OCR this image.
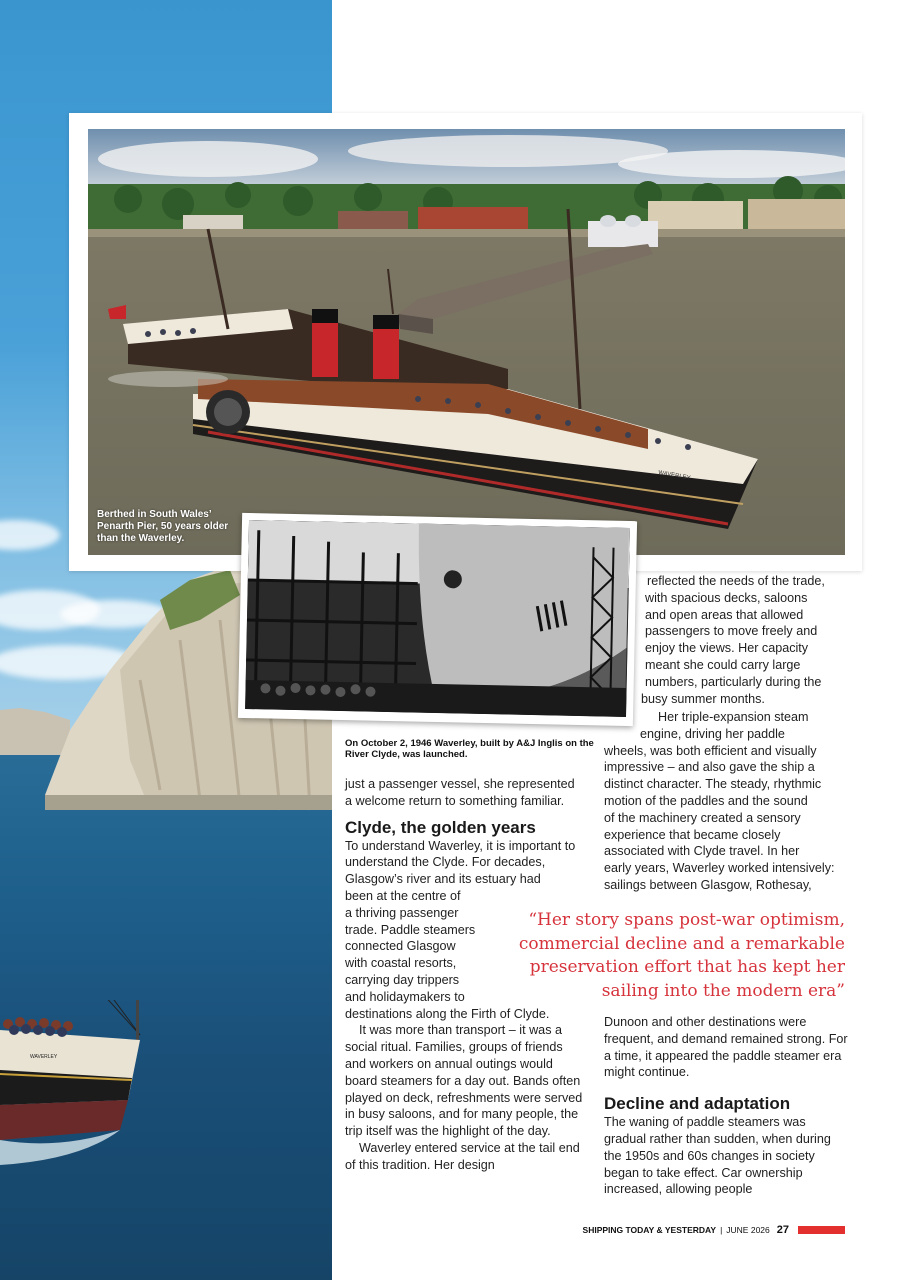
WAVERLEY
WAVERLEY
Berthed in South Wales’ Penarth Pier, 50 years older than the Waverley.
On October 2, 1946 Waverley, built by A&J Inglis on the River Clyde, was launched.

reflected the needs of the trade,

with spacious decks, saloons

and open areas that allowed

passengers to move freely and

enjoy the views. Her capacity

meant she could carry large

numbers, particularly during the

busy summer months.

Her triple-expansion steam

engine, driving her paddle

wheels, was both efficient and visually

impressive – and also gave the ship a

distinct character. The steady, rhythmic

motion of the paddles and the sound

of the machinery created a sensory

experience that became closely

associated with Clyde travel. In her

early years, Waverley worked intensively:

sailings between Glasgow, Rothesay,

just a passenger vessel, she represented a welcome return to something familiar.

Clyde, the golden years

To understand Waverley, it is important to understand the Clyde. For decades, Glasgow’s river and its estuary had

been at the centre of

a thriving passenger

trade. Paddle steamers

connected Glasgow

with coastal resorts,

carrying day trippers

and holidaymakers to

destinations along the Firth of Clyde.

It was more than transport – it was a social ritual. Families, groups of friends and workers on annual outings would board steamers for a day out. Bands often played on deck, refreshments were served in busy saloons, and for many people, the trip itself was the highlight of the day.

Waverley entered service at the tail end of this tradition. Her design

“Her story spans post-war optimism, commercial decline and a remarkable preservation effort that has kept her sailing into the modern era”

Dunoon and other destinations were frequent, and demand remained strong. For a time, it appeared the paddle steamer era might continue.

Decline and adaptation

The waning of paddle steamers was gradual rather than sudden, when during the 1950s and 60s changes in society began to take effect. Car ownership increased, allowing people

SHIPPING TODAY & YESTERDAY | JUNE 2026 27
